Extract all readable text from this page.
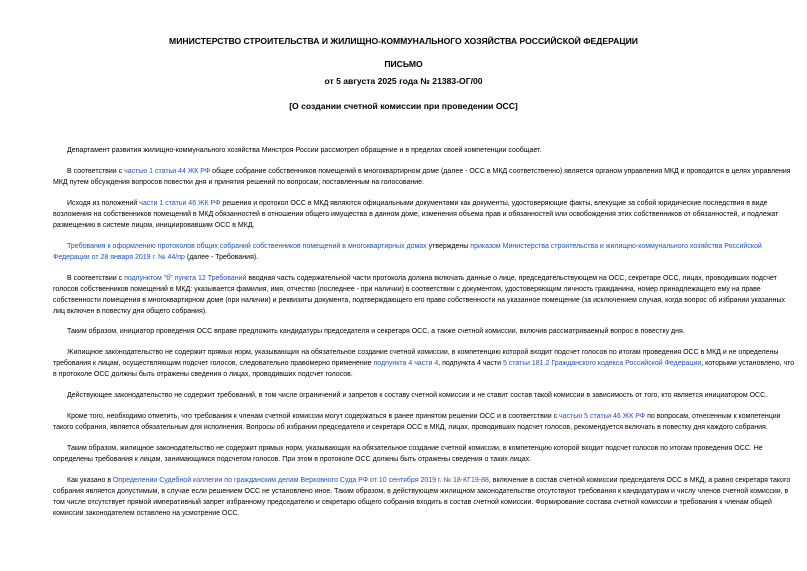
МИНИСТЕРСТВО СТРОИТЕЛЬСТВА И ЖИЛИЩНО-КОММУНАЛЬНОГО ХОЗЯЙСТВА РОССИЙСКОЙ ФЕДЕРАЦИИ
ПИСЬМО
от 5 августа 2025 года № 21383-ОГ/00
[О создании счетной комиссии при проведении ОСС]

Департамент развития жилищно-коммунального хозяйства Минстроя России рассмотрел обращение и в пределах своей компетенции сообщает.

В соответствии с частью 1 статьи 44 ЖК РФ общее собрание собственников помещений в многоквартирном доме (далее - ОСС в МКД соответственно) является органом управления МКД и проводится в целях управления МКД путем обсуждения вопросов повестки дня и принятия решений по вопросам, поставленным на голосование.

Исходя из положений части 1 статьи 46 ЖК РФ решения и протокол ОСС в МКД являются официальными документами как документы, удостоверяющие факты, влекущие за собой юридические последствия в виде возложения на собственников помещений в МКД обязанностей в отношении общего имущества в данном доме, изменения объема прав и обязанностей или освобождения этих собственников от обязанностей, и подлежат размещению в системе лицом, инициировавшим ОСС в МКД.

Требования к оформлению протоколов общих собраний собственников помещений в многоквартирных домах утверждены приказом Министерства строительства и жилищно-коммунального хозяйства Российской Федерации от 28 января 2019 г. № 44/пр (далее - Требования).

В соответствии с подпунктом "б" пункта 12 Требований вводная часть содержательной части протокола должна включать данные о лице, председательствующем на ОСС, секретаре ОСС, лицах, проводивших подсчет голосов собственников помещений в МКД: указывается фамилия, имя, отчество (последнее - при наличии) в соответствии с документом, удостоверяющим личность гражданина, номер принадлежащего ему на праве собственности помещения в многоквартирном доме (при наличии) и реквизиты документа, подтверждающего его право собственности на указанное помещение (за исключением случая, когда вопрос об избрании указанных лиц включен в повестку дня общего собрания).

Таким образом, инициатор проведения ОСС вправе предложить кандидатуры председателя и секретаря ОСС, а также счетной комиссии, включив рассматриваемый вопрос в повестку дня.

Жилищное законодательство не содержит прямых норм, указывающих на обязательное создание счетной комиссии, в компетенцию которой входит подсчет голосов по итогам проведения ОСС в МКД и не определены требования к лицам, осуществляющим подсчет голосов, следовательно правомерно применение подпункта 4 части 4, подпункта 4 части 5 статьи 181.2 Гражданского кодекса Российской Федерации, которыми установлено, что в протоколе ОСС должны быть отражены сведения о лицах, проводивших подсчет голосов.

Действующее законодательство не содержит требований, в том числе ограничений и запретов к составу счетной комиссии и не ставит состав такой комиссии в зависимость от того, кто является инициатором ОСС.

Кроме того, необходимо отметить, что требования к членам счетной комиссии могут содержаться в ранее принятом решении ОСС и в соответствии с частью 5 статьи 46 ЖК РФ по вопросам, отнесенным к компетенции такого собрания, является обязательным для исполнения. Вопросы об избрании председателя и секретаря ОСС в МКД, лицах, проводивших подсчет голосов, рекомендуется включать в повестку дня каждого собрания.

Таким образом, жилищное законодательство не содержит прямых норм, указывающих на обязательное создание счетной комиссии, в компетенцию которой входит подсчет голосов по итогам проведения ОСС. Не определены требования к лицам, занимающимся подсчетом голосов. При этом в протоколе ОСС должны быть отражены сведения о таких лицах.

Как указано в Определении Судебной коллегии по гражданским делам Верховного Суда РФ от 10 сентября 2019 г. № 18-КГ19-88, включение в состав счетной комиссии председателя ОСС в МКД, а равно секретаря такого собрания является допустимым, в случае если решением ОСС не установлено иное. Таким образом, в действующем жилищном законодательстве отсутствуют требования к кандидатурам и числу членов счетной комиссии, в том числе отсутствует прямой императивный запрет избранному председателю и секретарю общего собрания входить в состав счетной комиссии. Формирование состава счетной комиссии и требования к членам общей комиссии законодателем оставлено на усмотрение ОСС.
